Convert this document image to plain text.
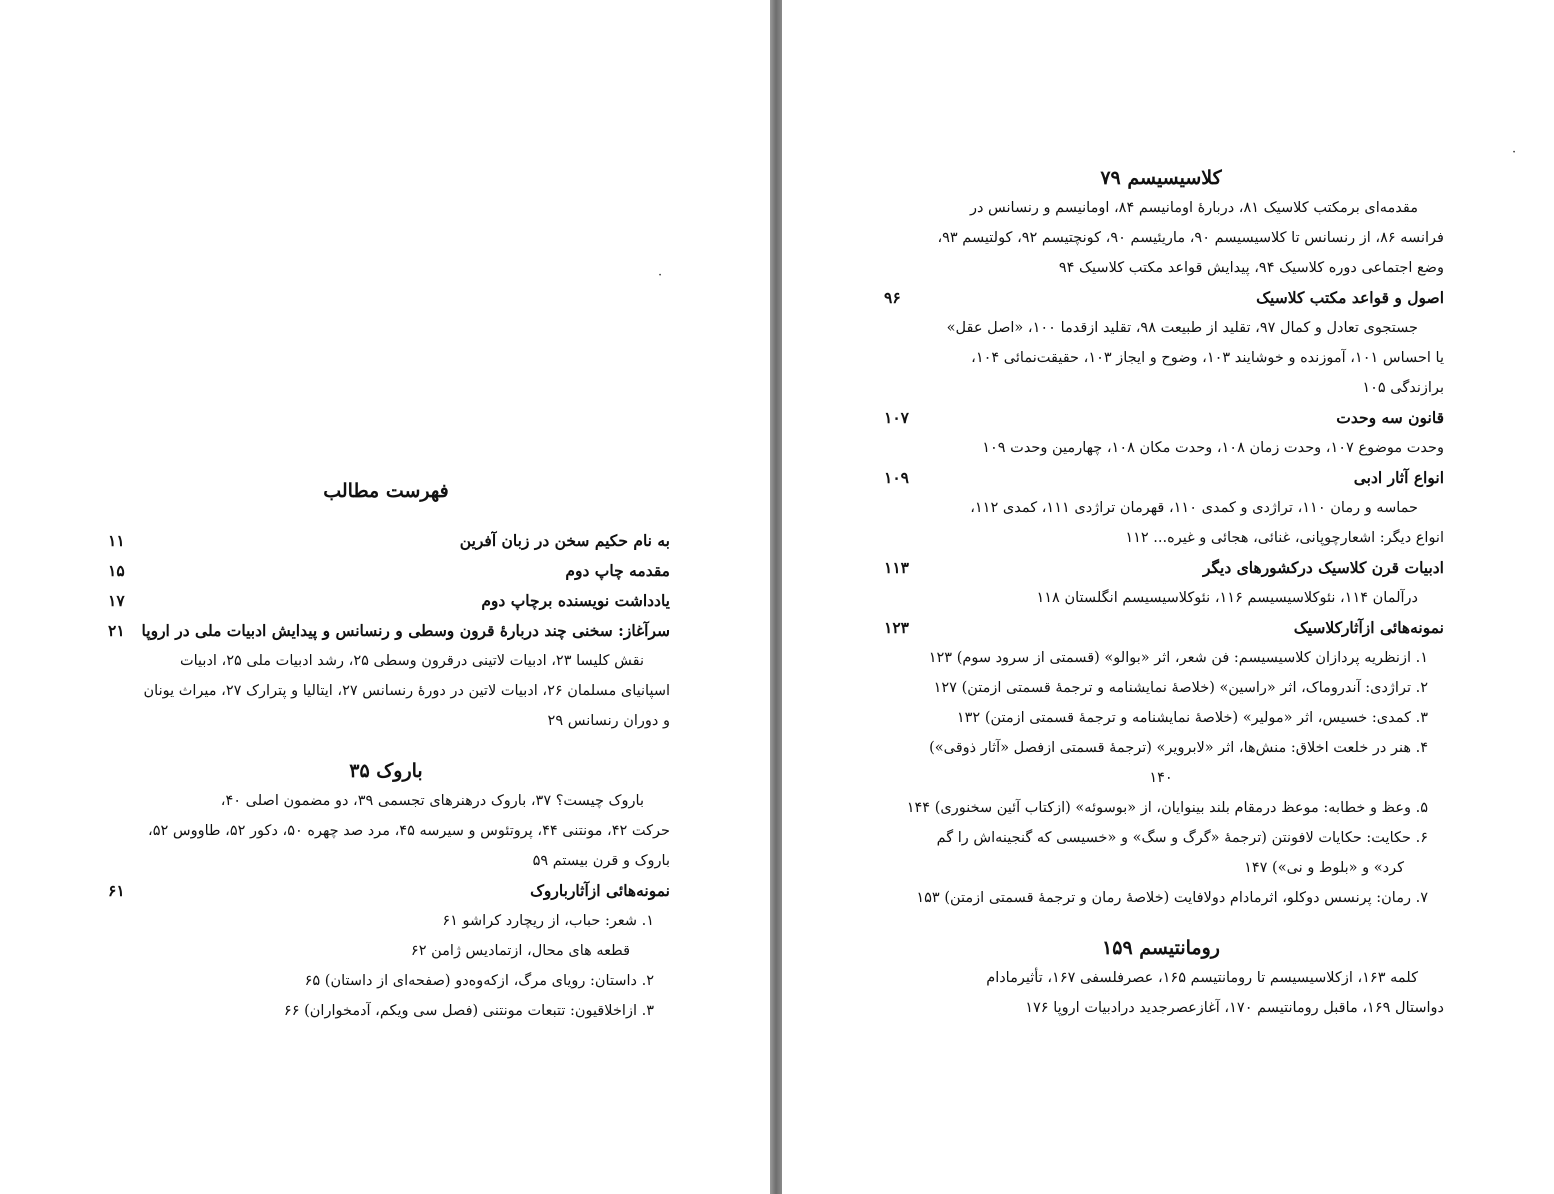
فهرست مطالب

به نام حکیم سخن در زبان آفرین
۱۱
مقدمه چاپ دوم
۱۵
یادداشت نویسنده برچاپ دوم
۱۷
سرآغاز: سخنی چند دربارهٔ قرون وسطی و رنسانس و پیدایش ادبیات ملی در اروپا
۲۱

نقش کلیسا ۲۳، ادبیات لاتینی درقرون وسطی ۲۵، رشد ادبیات ملی ۲۵، ادبیات

اسپانیای مسلمان ۲۶، ادبیات لاتین در دورهٔ رنسانس ۲۷، ایتالیا و پترارک ۲۷، میراث یونان

و دوران رنسانس ۲۹

باروک ۳۵

باروک چیست؟ ۳۷، باروک درهنرهای تجسمی ۳۹، دو مضمون اصلی ۴۰،

حرکت ۴۲، مونتنی ۴۴، پروتئوس و سیرسه ۴۵، مرد صد چهره ۵۰، دکور ۵۲، طاووس ۵۲،

باروک و قرن بیستم ۵۹

نمونه‌هائی ازآثارباروک
۶۱

۱. شعر: حباب، از ریچارد کراشو ۶۱

قطعه های محال، ازتمادیس ژامن ۶۲

۲. داستان: رویای مرگ، ازکه‌وه‌دو (صفحه‌ای از داستان) ۶۵

۳. ازاخلاقیون: تتبعات مونتنی (فصل سی ویکم، آدمخواران) ۶۶

·
·

کلاسیسیسم ۷۹

مقدمه‌ای برمکتب کلاسیک ۸۱، دربارهٔ اومانیسم ۸۴، اومانیسم و رنسانس در

فرانسه ۸۶، از رنسانس تا کلاسیسیسم ۹۰، ماریئیسم ۹۰، کونچتیسم ۹۲، کولتیسم ۹۳،

وضع اجتماعی دوره کلاسیک ۹۴، پیدایش قواعد مکتب کلاسیک ۹۴

اصول و قواعد مکتب کلاسیک
۹۶

جستجوی تعادل و کمال ۹۷، تقلید از طبیعت ۹۸، تقلید ازقدما ۱۰۰، «اصل عقل»

یا احساس ۱۰۱، آموزنده و خوشایند ۱۰۳، وضوح و ایجاز ۱۰۳، حقیقت‌نمائی ۱۰۴،

برازندگی ۱۰۵

قانون سه وحدت
۱۰۷

وحدت موضوع ۱۰۷، وحدت زمان ۱۰۸، وحدت مکان ۱۰۸، چهارمین وحدت ۱۰۹

انواع آثار ادبی
۱۰۹

حماسه و رمان ۱۱۰، تراژدی و کمدی ۱۱۰، قهرمان تراژدی ۱۱۱، کمدی ۱۱۲،

انواع دیگر: اشعارچوپانی، غنائی، هجائی و غیره... ۱۱۲

ادبیات قرن کلاسیک درکشورهای دیگر
۱۱۳

درآلمان ۱۱۴، نئوکلاسیسیسم ۱۱۶، نئوکلاسیسیسم انگلستان ۱۱۸

نمونه‌هائی ازآثارکلاسیک
۱۲۳

۱. ازنظریه پردازان کلاسیسیسم: فن شعر، اثر «بوالو» (قسمتی از سرود سوم) ۱۲۳

۲. تراژدی: آندروماک، اثر «راسین» (خلاصهٔ نمایشنامه و ترجمهٔ قسمتی ازمتن) ۱۲۷

۳. کمدی: خسیس، اثر «مولیر» (خلاصهٔ نمایشنامه و ترجمهٔ قسمتی ازمتن) ۱۳۲

۴. هنر در خلعت اخلاق: منش‌ها، اثر «لابرویر» (ترجمهٔ قسمتی ازفصل «آثار ذوقی»)

۱۴۰

۵. وعظ و خطابه: موعظ درمقام بلند بینوایان، از «بوسوئه» (ازکتاب آئین سخنوری) ۱۴۴

۶. حکایت: حکایات لافونتن (ترجمهٔ «گرگ و سگ» و «خسیسی که گنجینه‌اش را گم

کرد» و «بلوط و نی») ۱۴۷

۷. رمان: پرنسس دوکلو، اثرمادام دولافایت (خلاصهٔ رمان و ترجمهٔ قسمتی ازمتن) ۱۵۳

رومانتیسم ۱۵۹

کلمه ۱۶۳، ازکلاسیسیسم تا رومانتیسم ۱۶۵، عصرفلسفی ۱۶۷، تأثیرمادام

دواستال ۱۶۹، ماقبل رومانتیسم ۱۷۰، آغازعصرجدید درادبیات اروپا ۱۷۶
